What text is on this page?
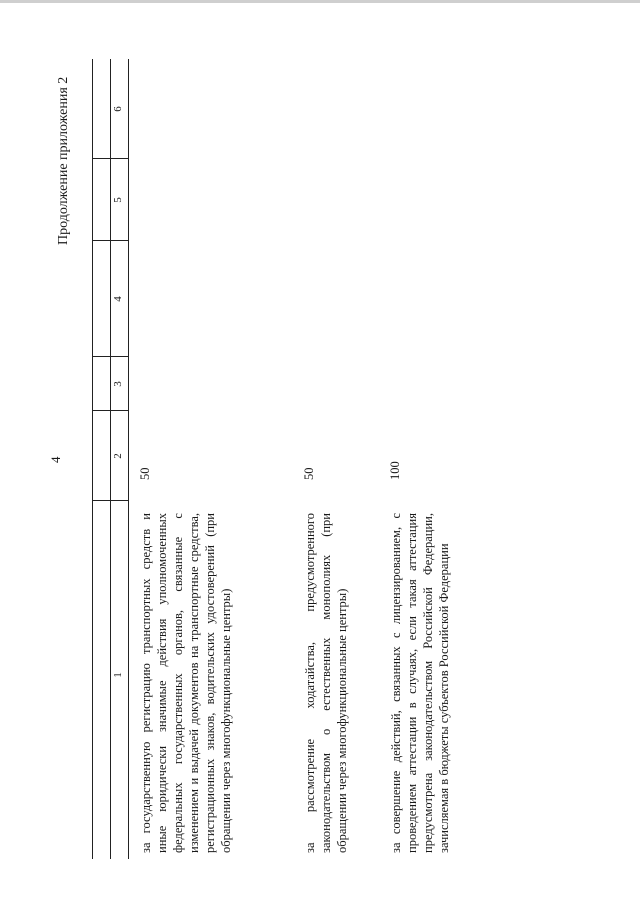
4
Продолжение приложения 2
1
2
3
4
5
6
за государственную регистрацию транспортных средств и иные юридически значимые действия уполномоченных федеральных государственных органов, связанные с изменением и выдачей документов на транспортные средства, регистрационных знаков, водительских удостоверений (при обращении через многофункциональные центры)
50
за рассмотрение ходатайства, предусмотренного законодательством о естественных монополиях (при обращении через многофункциональные центры)
50
за совершение действий, связанных с лицензированием, с проведением аттестации в случаях, если такая аттестация предусмотрена законодательством Российской Федерации, зачисляемая в бюджеты субъектов Российской Федерации
100
